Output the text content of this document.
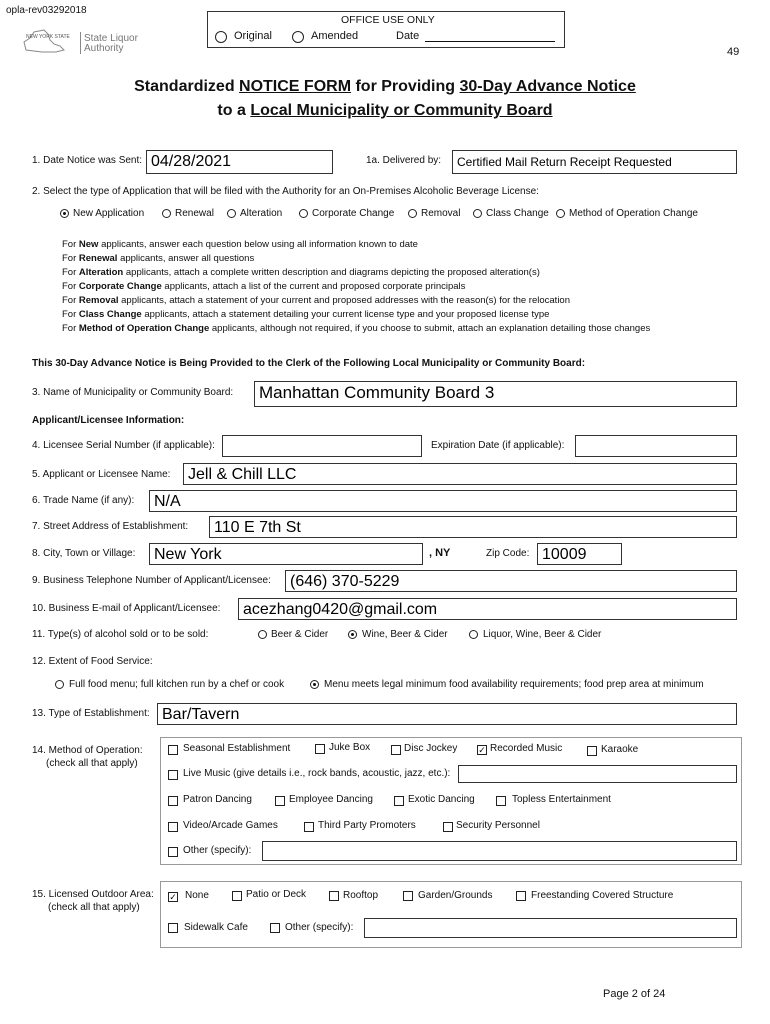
opla-rev03292018
NEW YORK STATE State Liquor
Authority
OFFICE USE ONLY
Original	Amended	Date
49
Standardized NOTICE FORM for Providing 30-Day Advance Notice
to a Local Municipality or Community Board
1. Date Notice was Sent: 04/28/2021	1a. Delivered by:	Certified Mail Return Receipt Requested
2. Select the type of Application that will be filed with the Authority for an On-Premises Alcoholic Beverage License:
New Application	Renewal	Alteration	Corporate Change	Removal	Class Change Method of Operation Change
For New applicants, answer each question below using all information known to date
For Renewal applicants, answer all questions
For Alteration applicants, attach a complete written description and diagrams depicting the proposed alteration(s)
For Corporate Change applicants, attach a list of the current and proposed corporate principals
For Removal applicants, attach a statement of your current and proposed addresses with the reason(s) for the relocation
For Class Change applicants, attach a statement detailing your current license type and your proposed license type
For Method of Operation Change applicants, although not required, if you choose to submit, attach an explanation detailing those changes
This 30-Day Advance Notice is Being Provided to the Clerk of the Following Local Municipality or Community Board:
3. Name of Municipality or Community Board: Manhattan Community Board 3
Applicant/Licensee Information:
4. Licensee Serial Number (if applicable):	Expiration Date (if applicable):
5. Applicant or Licensee Name:	Jell & Chill LLC
6. Trade Name (if any):	N/A
7. Street Address of Establishment:	110 E 7th St
8. City, Town or Village:	New York	, NY	Zip Code: 10009
9. Business Telephone Number of Applicant/Licensee:	(646) 370-5229
10. Business E-mail of Applicant/Licensee:	acezhang0420@gmail.com
11. Type(s) of alcohol sold or to be sold:	Beer & Cider	Wine, Beer & Cider	Liquor, Wine, Beer & Cider
12. Extent of Food Service:
Full food menu; full kitchen run by a chef or cook	Menu meets legal minimum food availability requirements; food prep area at minimum
13. Type of Establishment: Bar/Tavern
14. Method of Operation:
(check all that apply)
Seasonal Establishment	Juke Box	Disc Jockey ✓ Recorded Music	Karaoke
Live Music (give details i.e., rock bands, acoustic, jazz, etc.):
Patron Dancing	Employee Dancing	Exotic Dancing	Topless Entertainment
Video/Arcade Games	Third Party Promoters	Security Personnel
Other (specify):
15. Licensed Outdoor Area:
(check all that apply)
✓ None	Patio or Deck	Rooftop	Garden/Grounds	Freestanding Covered Structure
Sidewalk Cafe	Other (specify):
Page 2 of 24
